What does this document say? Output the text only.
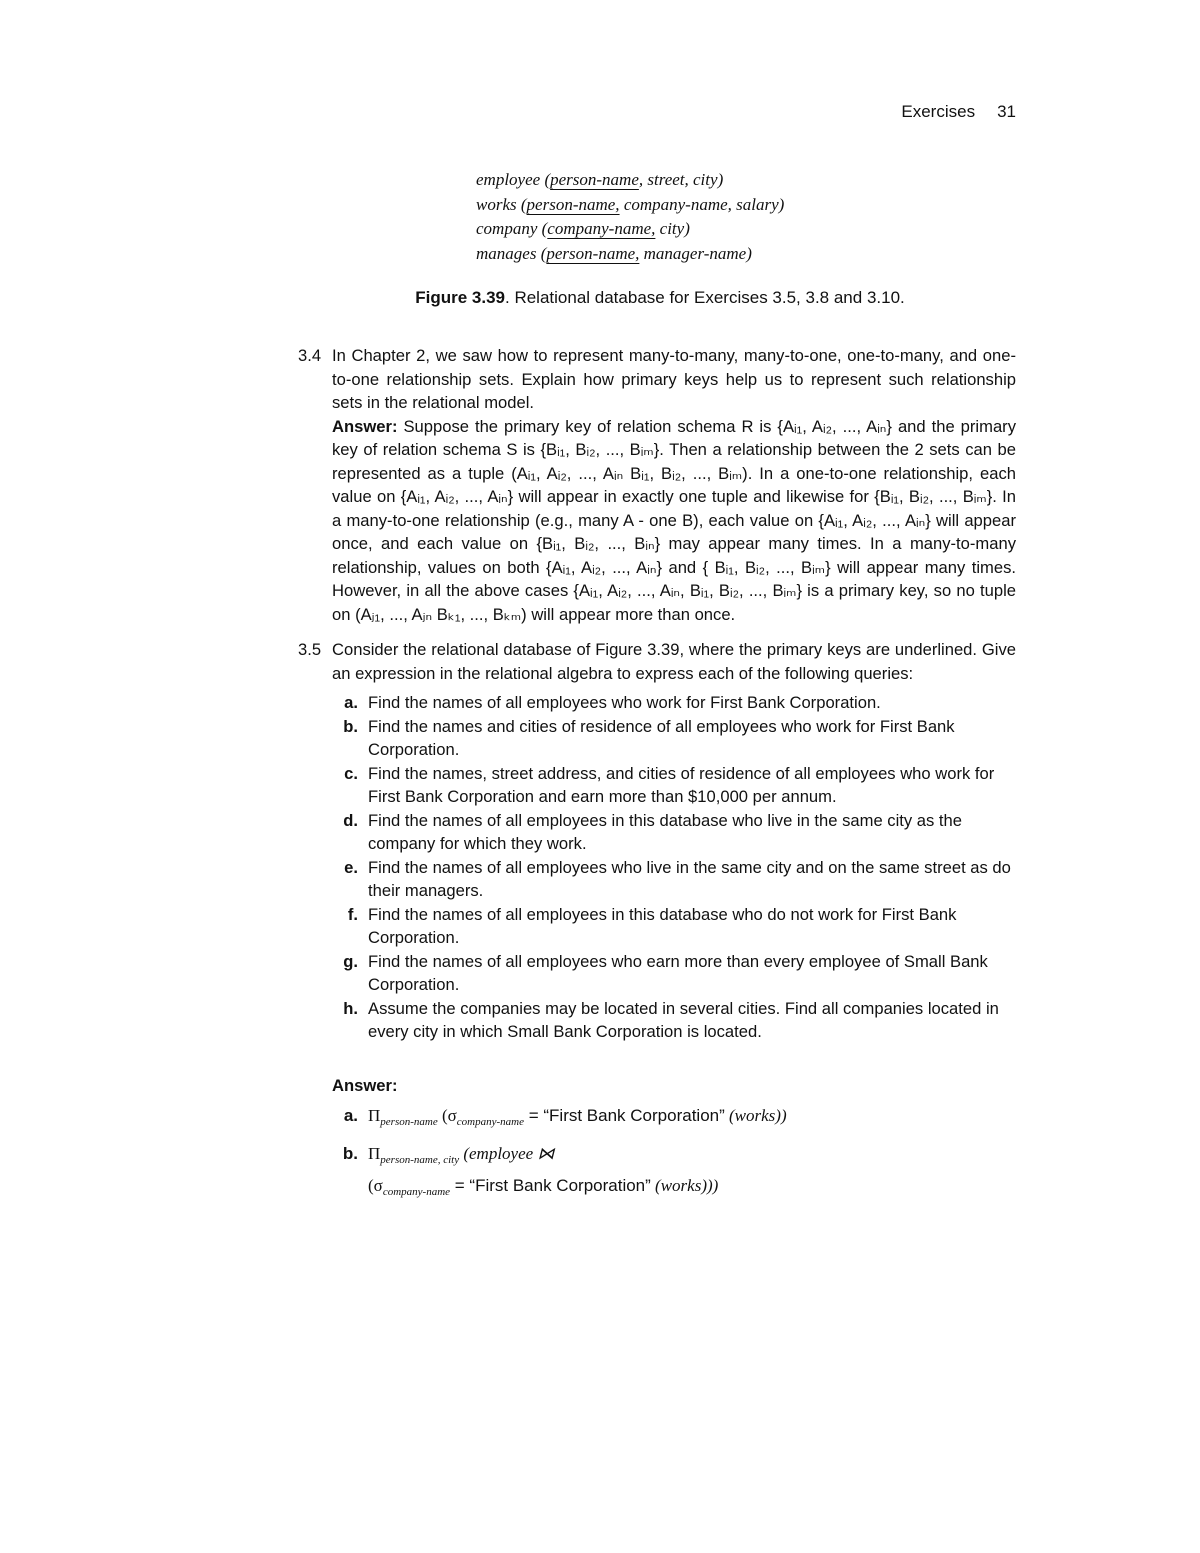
Exercises 31
employee (person-name, street, city)
works (person-name, company-name, salary)
company (company-name, city)
manages (person-name, manager-name)
Figure 3.39. Relational database for Exercises 3.5, 3.8 and 3.10.
3.4 In Chapter 2, we saw how to represent many-to-many, many-to-one, one-to-many, and one-to-one relationship sets. Explain how primary keys help us to represent such relationship sets in the relational model.

Answer: Suppose the primary key of relation schema R is {Aᵢ₁, Aᵢ₂, ..., Aᵢₙ} and the primary key of relation schema S is {Bᵢ₁, Bᵢ₂, ..., Bᵢₘ}. Then a relationship between the 2 sets can be represented as a tuple (Aᵢ₁, Aᵢ₂, ..., Aᵢₙ Bᵢ₁, Bᵢ₂, ..., Bᵢₘ). In a one-to-one relationship, each value on {Aᵢ₁, Aᵢ₂, ..., Aᵢₙ} will appear in exactly one tuple and likewise for {Bᵢ₁, Bᵢ₂, ..., Bᵢₘ}. In a many-to-one relationship (e.g., many A - one B), each value on {Aᵢ₁, Aᵢ₂, ..., Aᵢₙ} will appear once, and each value on {Bᵢ₁, Bᵢ₂, ..., Bᵢₙ} may appear many times. In a many-to-many relationship, values on both {Aᵢ₁, Aᵢ₂, ..., Aᵢₙ} and { Bᵢ₁, Bᵢ₂, ..., Bᵢₘ} will appear many times. However, in all the above cases {Aᵢ₁, Aᵢ₂, ..., Aᵢₙ, Bᵢ₁, Bᵢ₂, ..., Bᵢₘ} is a primary key, so no tuple on (Aⱼ₁, ..., Aⱼₙ Bₖ₁, ..., Bₖₘ) will appear more than once.

3.5 Consider the relational database of Figure 3.39, where the primary keys are underlined. Give an expression in the relational algebra to express each of the following queries:

a. Find the names of all employees who work for First Bank Corporation.
b. Find the names and cities of residence of all employees who work for First Bank Corporation.
c. Find the names, street address, and cities of residence of all employees who work for First Bank Corporation and earn more than $10,000 per annum.
d. Find the names of all employees in this database who live in the same city as the company for which they work.
e. Find the names of all employees who live in the same city and on the same street as do their managers.
f. Find the names of all employees in this database who do not work for First Bank Corporation.
g. Find the names of all employees who earn more than every employee of Small Bank Corporation.
h. Assume the companies may be located in several cities. Find all companies located in every city in which Small Bank Corporation is located.
Answer:
a. $\Pi_{person-name}$ ($\sigma_{company-name}$ = “First Bank Corporation” (works))
b. $\Pi_{person-name, city}$ (employee ⋈
($\sigma_{company-name}$ = “First Bank Corporation” (works)))
